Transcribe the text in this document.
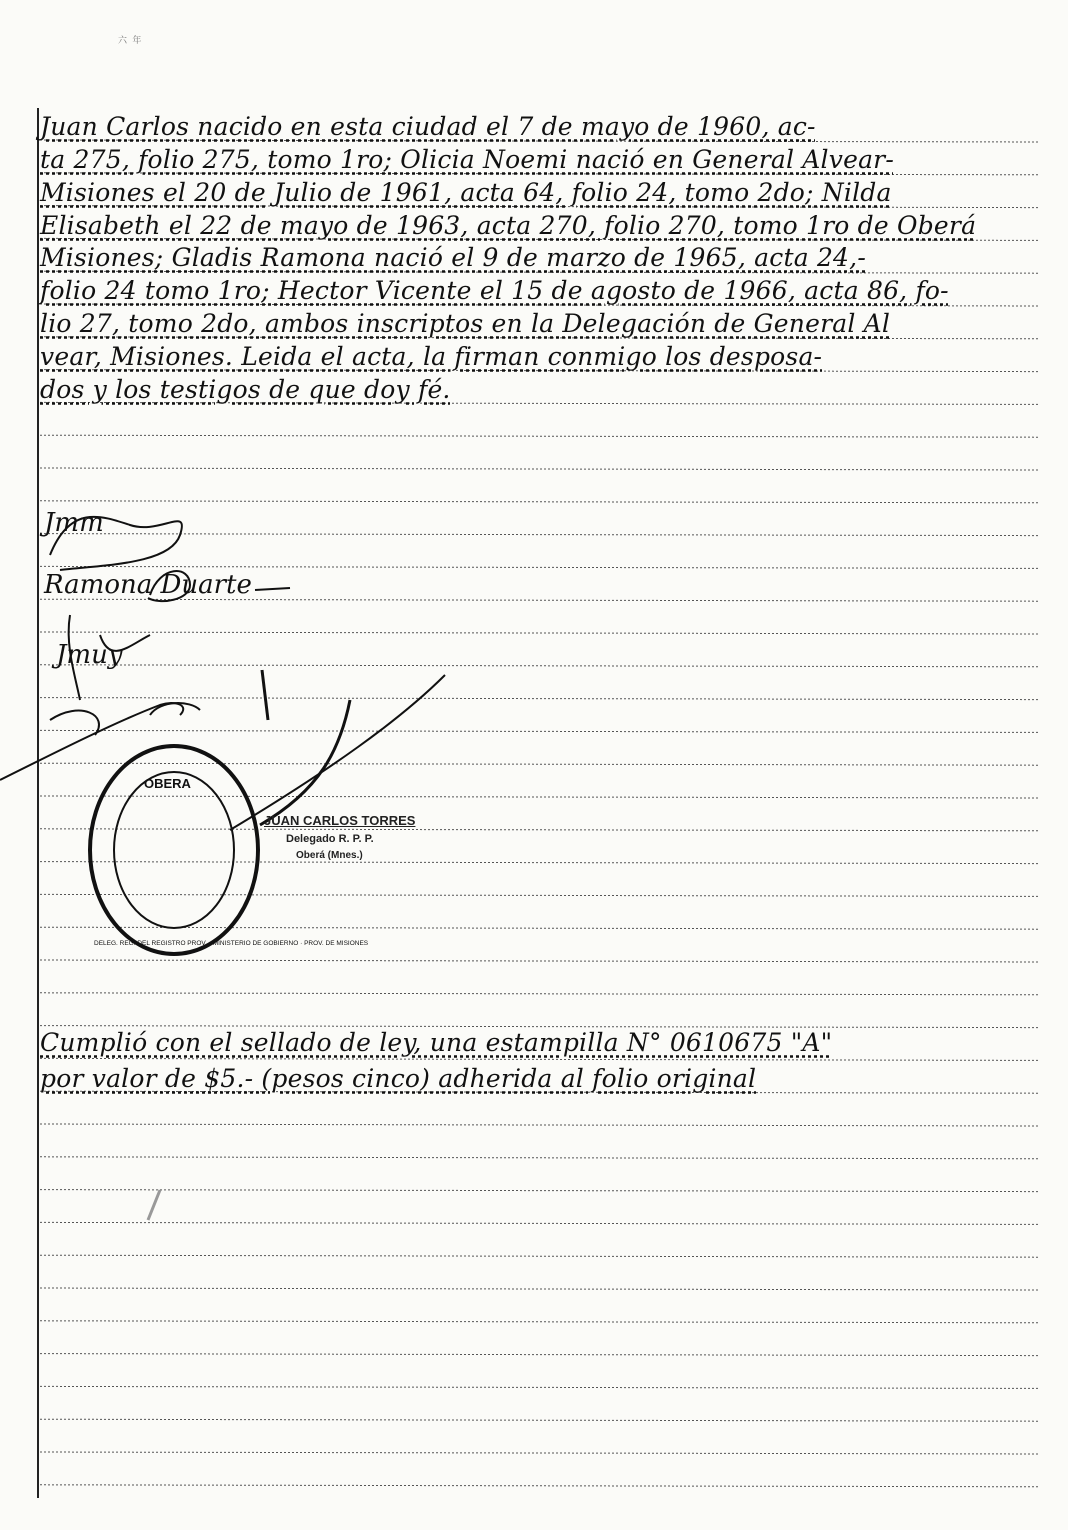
六 年
Juan Carlos nacido en esta ciudad el 7 de mayo de 1960, ac-
ta 275, folio 275, tomo 1ro; Olicia Noemi nació en General Alvear-
Misiones el 20 de Julio de 1961, acta 64, folio 24, tomo 2do; Nilda
Elisabeth el 22 de mayo de 1963, acta 270, folio 270, tomo 1ro de Oberá
Misiones; Gladis Ramona nació el 9 de marzo de 1965, acta 24,-
folio 24 tomo 1ro; Hector Vicente el 15 de agosto de 1966, acta 86, fo-
lio 27, tomo 2do, ambos inscriptos en la Delegación de General Al
vear, Misiones. Leida el acta, la firman conmigo los desposa-
dos y los testigos de que doy fé.
Jmm
Ramona Duarte
Jmuy
OBERA
DELEG. REG. DEL REGISTRO PROV. · MINISTERIO DE GOBIERNO · PROV. DE MISIONES
JUAN CARLOS TORRES
Delegado R. P. P.
Oberá (Mnes.)
Cumplió con el sellado de ley, una estampilla N° 0610675 "A"
por valor de $5.- (pesos cinco) adherida al folio original
